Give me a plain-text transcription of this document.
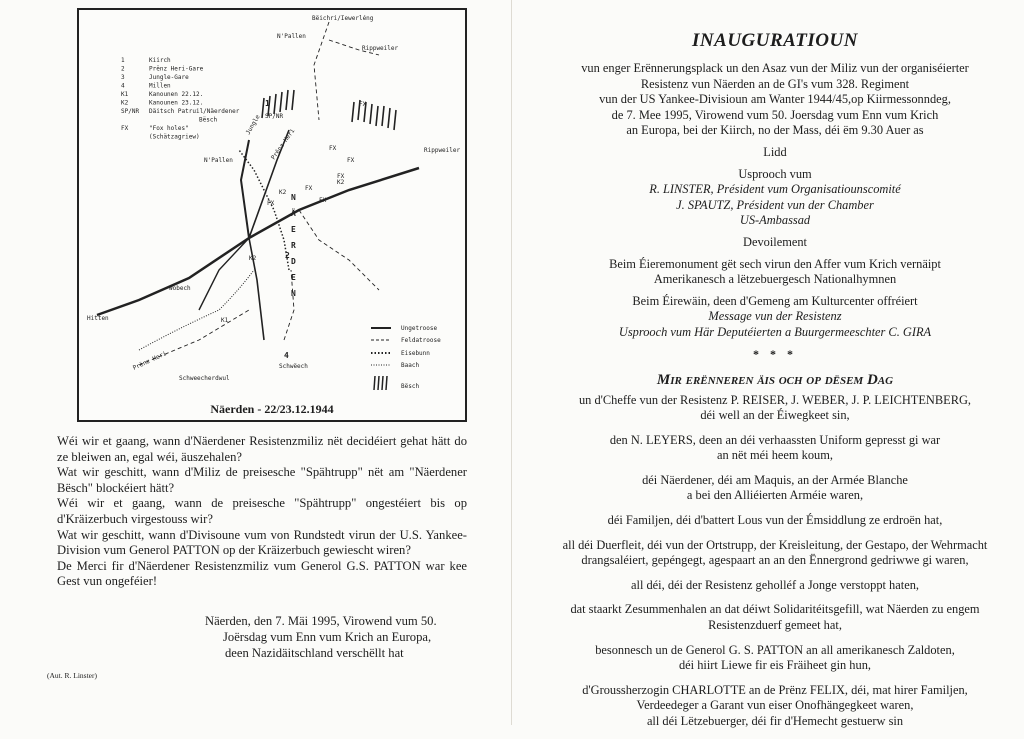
1	Kiirch
2	Prënz Heri-Gare
3	Jungle-Gare
4	Millen
K1	Kanounen 22.12.
K2	Kanounen 23.12.
SP/NR Däitsch Patruil/Näerdener
Bësch
FX	"Fox holes"
(Schätzagriew)
Ungetroose
Feldatroose
Eisebunn
Baach
Bësch
Bëichri/Iewerléng
N'Pallen
Rippweiler
N'Pallen
Rippweiler
Wobech
Hitten
Schweecherdwul
Schwëech
Prënz Heri
Prënz Heri
Jungle
N
Ä
E
R
D
E
N
FX
FX
FX
FX
FX
FX
FX
K1
K2
K2
K2
1
2
4
SP/NR
Näerden - 22/23.12.1944

Wéi wir et gaang, wann d'Näerdener Resistenzmiliz nët decidéiert gehat hätt do ze bleiwen an, egal wéi, äuszehalen?

Wat wir geschitt, wann d'Miliz de preisesche "Spähtrupp" nët am "Näerdener Bësch" blockéiert hätt?

Wéi wir et gaang, wann de preisesche "Spähtrupp" ongestéiert bis op d'Kräizerbuch virgestouss wir?

Wat wir geschitt, wann d'Divisoune vum von Rundstedt virun der U.S. Yankee-Division vum Generol PATTON op der Kräizerbuch gewiescht wiren?

De Merci fir d'Näerdener Resistenzmiliz vum Generol G.S. PATTON war kee Gest vun ongeféier!

Näerden, den 7. Mäi 1995, Virowend vum 50.
Joërsdag vum Enn vum Krich an Europa,
deen Nazidäitschland verschëllt hat
(Aut. R. Linster)
INAUGURATIOUN
vun enger Erënnerungsplack un den Asaz vun der Miliz vun der organiséierter
Resistenz vun Näerden an de GI's vum 328. Regiment
vun der US Yankee-Divisioun am Wanter 1944/45,op Kiirmessonndeg,
de 7. Mee 1995, Virowend vum 50. Joersdag vum Enn vum Krich
an Europa, bei der Kiirch, no der Mass, déi ëm 9.30 Auer as
Lidd
Usprooch vum
R. LINSTER, Président vum Organisatiounscomité
J. SPAUTZ, Président vun der Chamber
US-Ambassad
Devoilement
Beim Éieremonument gët sech virun den Affer vum Krich vernäipt
Amerikanesch a lëtzebuergesch Nationalhymnen
Beim Éirewäin, deen d'Gemeng am Kulturcenter offréiert
Message vun der Resistenz
Usprooch vum Här Deputéierten a Buurgermeeschter C. GIRA
* * *
Mir erënneren äis och op dësem Dag
un d'Cheffe vun der Resistenz P. REISER, J. WEBER, J. P. LEICHTENBERG,
déi well an der Éiwegkeet sin,
den N. LEYERS, deen an déi verhaassten Uniform gepresst gi war
an nët méi heem koum,
déi Näerdener, déi am Maquis, an der Armée Blanche
a bei den Alliéierten Arméie waren,
déi Familjen, déi d'battert Lous vun der Émsiddlung ze erdroën hat,
all déi Duerfleit, déi vun der Ortstrupp, der Kreisleitung, der Gestapo, der Wehrmacht
drangsaléiert, gepéngegt, agespaart an an den Ënnergrond gedriwwe gi waren,
all déi, déi der Resistenz geholléf a Jonge verstoppt haten,
dat staarkt Zesummenhalen an dat déiwt Solidaritéitsgefill, wat Näerden zu engem
Resistenzduerf gemeet hat,
besonnesch un de Generol G. S. PATTON an all amerikanesch Zaldoten,
déi hiirt Liewe fir eis Fräiheet gin hun,
d'Groussherzogin CHARLOTTE an de Prënz FELIX, déi, mat hirer Familjen,
Verdeedeger a Garant vun eiser Onofhängegkeet waren,
all déi Lëtzebuerger, déi fir d'Hemecht gestuerw sin
